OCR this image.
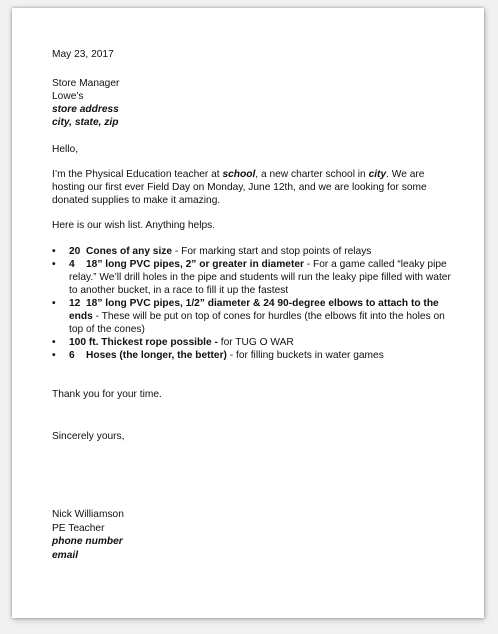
May 23, 2017

Store Manager

Lowe’s

store address

city, state, zip

Hello,

I’m the Physical Education teacher at school, a new charter school in city. We are hosting our first ever Field Day on Monday, June 12th, and we are looking for some donated supplies to make it amazing.

Here is our wish list. Anything helps.

• 20 Cones of any size - For marking start and stop points of relays
• 4 18” long PVC pipes, 2” or greater in diameter - For a game called “leaky pipe relay.” We’ll drill holes in the pipe and students will run the leaky pipe filled with water to another bucket, in a race to fill it up the fastest
• 12 18” long PVC pipes, 1/2” diameter & 24 90-degree elbows to attach to the ends - These will be put on top of cones for hurdles (the elbows fit into the holes on top of the cones)
• 100 ft. Thickest rope possible - for TUG O WAR
• 6 Hoses (the longer, the better) - for filling buckets in water games

Thank you for your time.

Sincerely yours,

Nick Williamson

PE Teacher

phone number

email
